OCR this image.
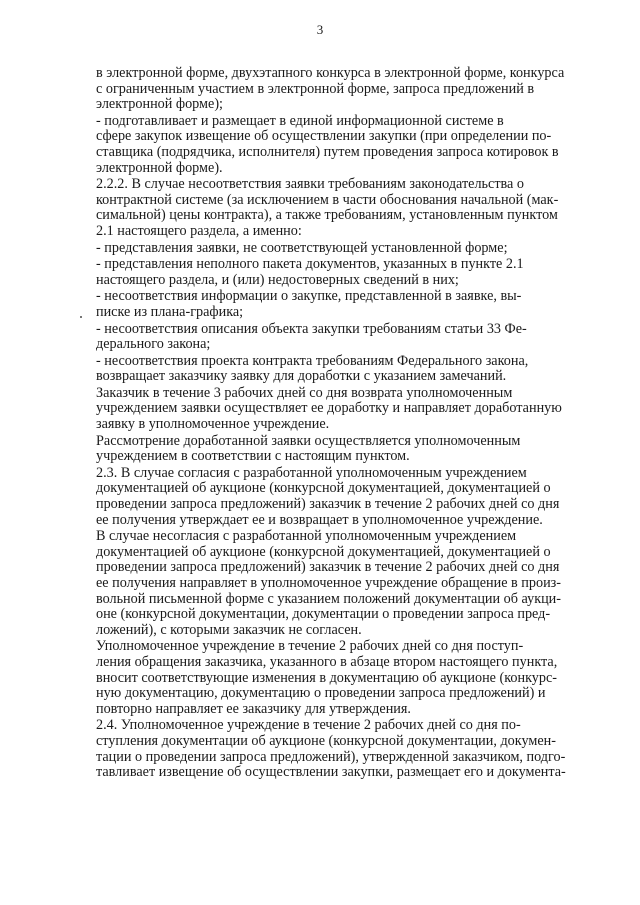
3

в электронной форме, двухэтапного конкурса в электронной форме, конкурса
с ограниченным участием в электронной форме, запроса предложений в
электронной форме);

- подготавливает и размещает в единой информационной системе в
сфере закупок извещение об осуществлении закупки (при определении по-
ставщика (подрядчика, исполнителя) путем проведения запроса котировок в
электронной форме).

2.2.2. В случае несоответствия заявки требованиям законодательства о
контрактной системе (за исключением в части обоснования начальной (мак-
симальной) цены контракта), а также требованиям, установленным пунктом
2.1 настоящего раздела, а именно:

- представления заявки, не соответствующей установленной форме;

- представления неполного пакета документов, указанных в пункте 2.1
настоящего раздела, и (или) недостоверных сведений в них;

- несоответствия информации о закупке, представленной в заявке, вы-
писке из плана-графика;

- несоответствия описания объекта закупки требованиям статьи 33 Фе-
дерального закона;

- несоответствия проекта контракта требованиям Федерального закона,
возвращает заказчику заявку для доработки с указанием замечаний.

Заказчик в течение 3 рабочих дней со дня возврата уполномоченным
учреждением заявки осуществляет ее доработку и направляет доработанную
заявку в уполномоченное учреждение.

Рассмотрение доработанной заявки осуществляется уполномоченным
учреждением в соответствии с настоящим пунктом.

2.3. В случае согласия с разработанной уполномоченным учреждением
документацией об аукционе (конкурсной документацией, документацией о
проведении запроса предложений) заказчик в течение 2 рабочих дней со дня
ее получения утверждает ее и возвращает в уполномоченное учреждение.

В случае несогласия с разработанной уполномоченным учреждением
документацией об аукционе (конкурсной документацией, документацией о
проведении запроса предложений) заказчик в течение 2 рабочих дней со дня
ее получения направляет в уполномоченное учреждение обращение в произ-
вольной письменной форме с указанием положений документации об аукци-
оне (конкурсной документации, документации о проведении запроса пред-
ложений), с которыми заказчик не согласен.

Уполномоченное учреждение в течение 2 рабочих дней со дня поступ-
ления обращения заказчика, указанного в абзаце втором настоящего пункта,
вносит соответствующие изменения в документацию об аукционе (конкурс-
ную документацию, документацию о проведении запроса предложений) и
повторно направляет ее заказчику для утверждения.

2.4. Уполномоченное учреждение в течение 2 рабочих дней со дня по-
ступления документации об аукционе (конкурсной документации, докумен-
тации о проведении запроса предложений), утвержденной заказчиком, подго-
тавливает извещение об осуществлении закупки, размещает его и документа-
